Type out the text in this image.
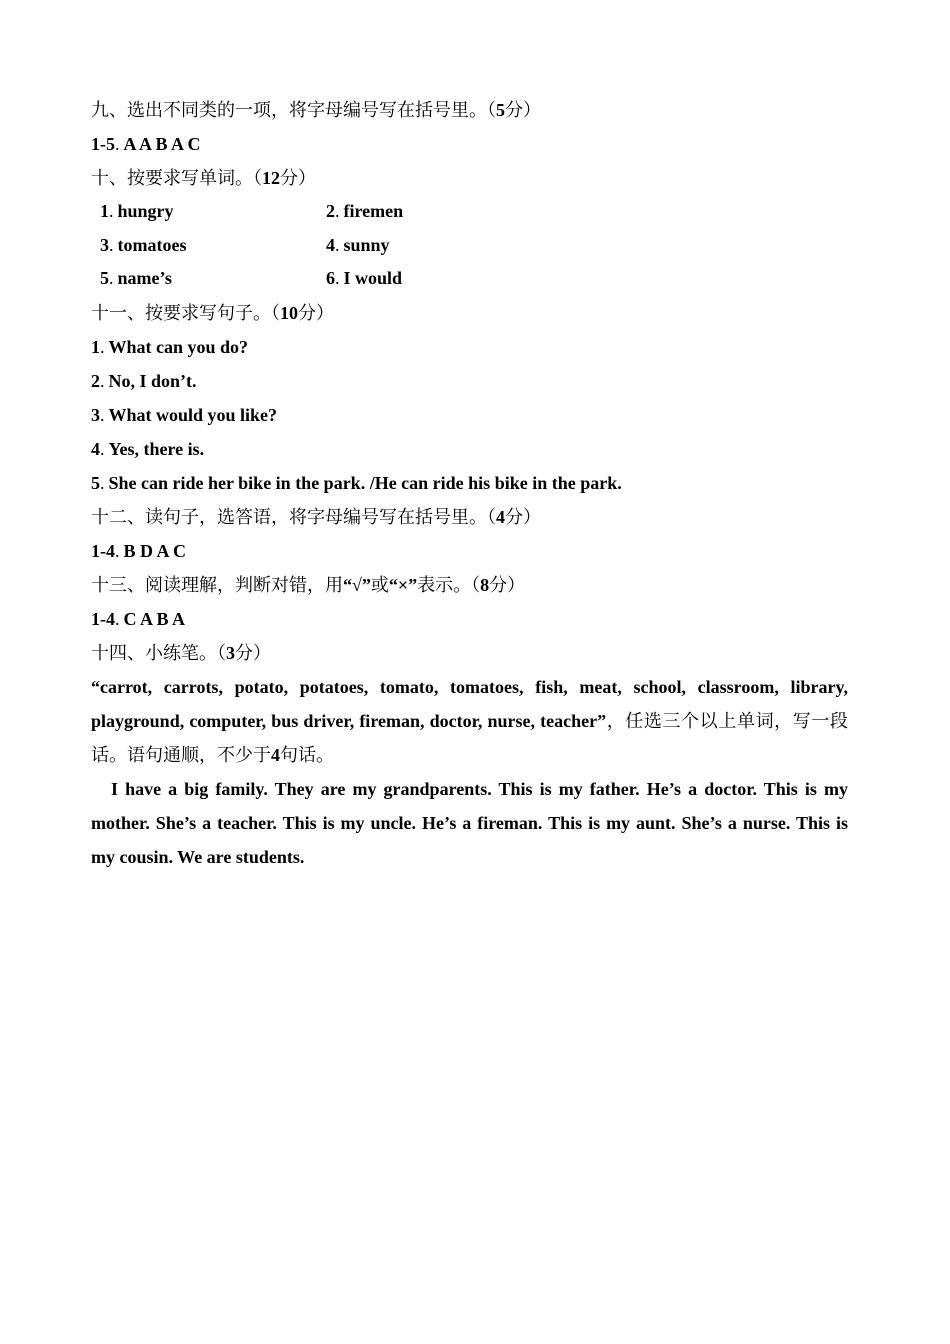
九、选出不同类的一项，将字母编号写在括号里。（5分）
1-5. A A B A C
十、按要求写单词。（12分）
1. hungry	2. firemen
3. tomatoes	4. sunny
5. name’s	6. I would
十一、按要求写句子。（10分）
1. What can you do?
2. No, I don’t.
3. What would you like?
4. Yes, there is.
5. She can ride her bike in the park. /He can ride his bike in the park.
十二、读句子，选答语，将字母编号写在括号里。（4分）
1-4. B D A C
十三、阅读理解，判断对错，用“√”或“×”表示。（8分）
1-4. C A B A
十四、小练笔。（3分）
“carrot, carrots, potato, potatoes, tomato, tomatoes, fish, meat, school, classroom, library, playground, computer, bus driver, fireman, doctor, nurse, teacher”，任选三个以上单词，写一段话。语句通顺，不少于4句话。
I have a big family. They are my grandparents. This is my father. He’s a doctor. This is my mother. She’s a teacher. This is my uncle. He’s a fireman. This is my aunt. She’s a nurse. This is my cousin. We are students.
